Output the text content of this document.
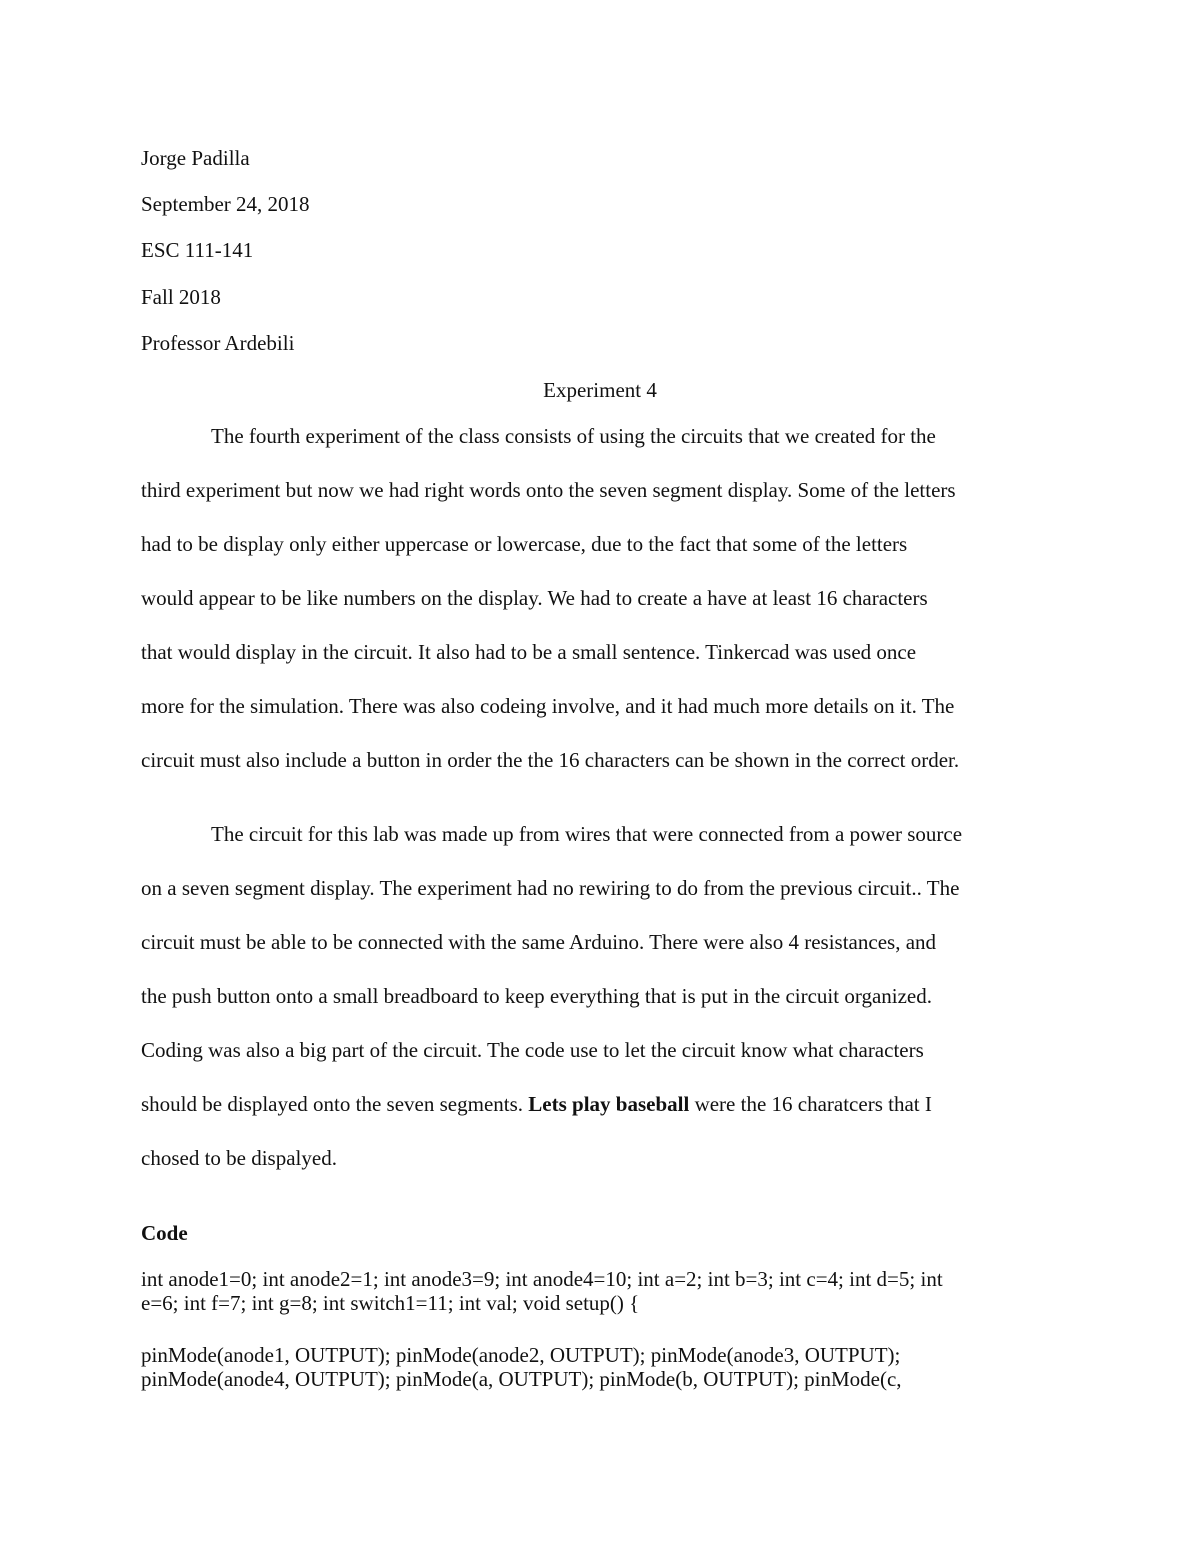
Jorge Padilla
September 24, 2018
ESC 111-141
Fall 2018
Professor Ardebili
Experiment 4
The fourth experiment of the class consists of using the circuits that we created for the
third experiment but now we had right words onto the seven segment display. Some of the letters
had to be display only either uppercase or lowercase, due to the fact that some of the letters
would appear to be like numbers on the display. We had to create a have at least 16 characters
that would display in the circuit. It also had to be a small sentence. Tinkercad was used once
more for the simulation. There was also codeing involve, and it had much more details on it. The
circuit must also include a button in order the the 16 characters can be shown in the correct order.
The circuit for this lab was made up from wires that were connected from a power source
on a seven segment display. The experiment had no rewiring to do from the previous circuit.. The
circuit must be able to be connected with the same Arduino. There were also 4 resistances, and
the push button onto a small breadboard to keep everything that is put in the circuit organized.
Coding was also a big part of the circuit. The code use to let the circuit know what characters
should be displayed onto the seven segments. Lets play baseball were the 16 charatcers that I
chosed to be dispalyed.
Code
int anode1=0; int anode2=1; int anode3=9; int anode4=10; int a=2; int b=3; int c=4; int d=5; int
e=6; int f=7; int g=8; int switch1=11; int val; void setup() {
pinMode(anode1, OUTPUT); pinMode(anode2, OUTPUT); pinMode(anode3, OUTPUT);
pinMode(anode4, OUTPUT); pinMode(a, OUTPUT); pinMode(b, OUTPUT); pinMode(c,
